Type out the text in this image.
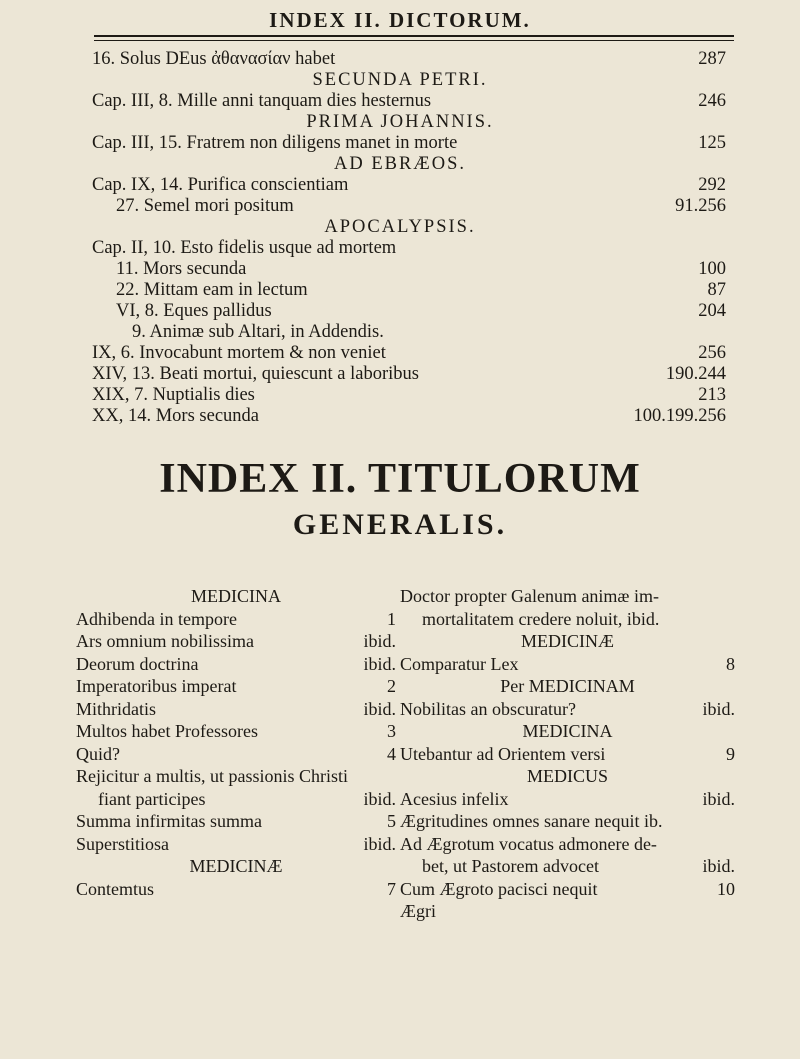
INDEX II. DICTORUM.
16. Solus DEus ἀθανασίαν habet	287
SECUNDA PETRI.
Cap. III, 8. Mille anni tanquam dies hesternus	246
PRIMA JOHANNIS.
Cap. III, 15. Fratrem non diligens manet in morte	125
AD EBRÆOS.
Cap. IX, 14. Purifica conscientiam	292
27. Semel mori positum	91.256
APOCALYPSIS.
Cap. II, 10. Esto fidelis usque ad mortem
11. Mors secunda	100
22. Mittam eam in lectum	87
VI, 8. Eques pallidus	204
9. Animæ sub Altari, in Addendis.
IX, 6. Invocabunt mortem & non veniet	256
XIV, 13. Beati mortui, quiescunt a laboribus	190.244
XIX, 7. Nuptialis dies	213
XX, 14. Mors secunda	100.199.256
INDEX II. TITULORUM
GENERALIS.
MEDICINA
Adhibenda in tempore	1
Ars omnium nobilissima	ibid.
Deorum doctrina	ibid.
Imperatoribus imperat	2
Mithridatis	ibid.
Multos habet Professores	3
Quid?	4
Rejicitur a multis, ut passionis Christi
fiant participes	ibid.
Summa infirmitas summa	5
Superstitiosa	ibid.
MEDICINÆ
Contemtus	7
Doctor propter Galenum animæ im-
mortalitatem credere noluit, ibid.
MEDICINÆ
Comparatur Lex	8
Per MEDICINAM
Nobilitas an obscuratur?	ibid.
MEDICINA
Utebantur ad Orientem versi	9
MEDICUS
Acesius infelix	ibid.
Ægritudines omnes sanare nequit ib.
Ad Ægrotum vocatus admonere de-
bet, ut Pastorem advocet	ibid.
Cum Ægroto pacisci nequit	10
Ægri
